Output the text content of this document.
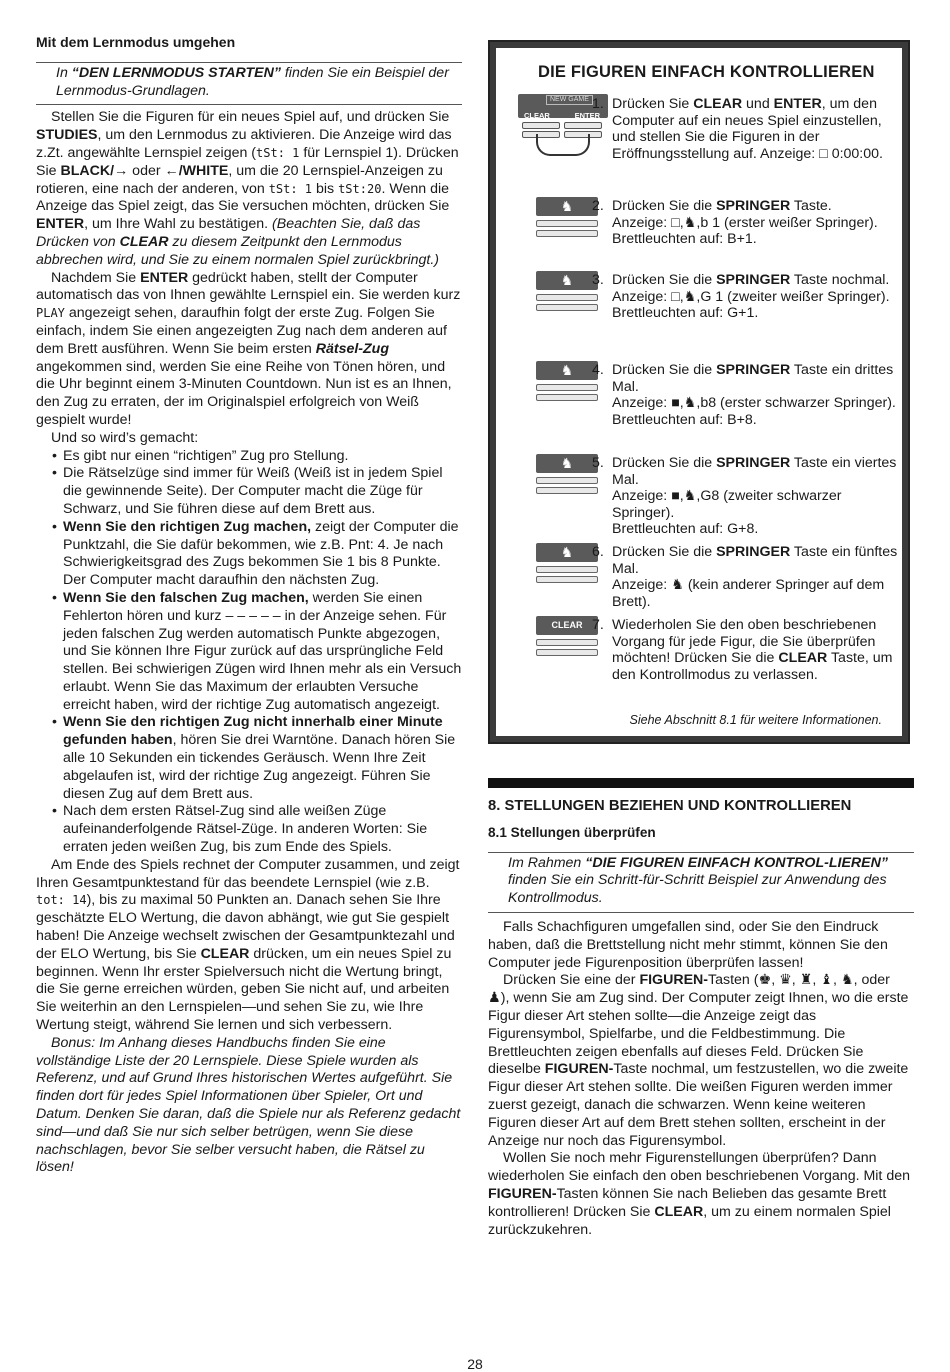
Mit dem Lernmodus umgehen

In “DEN LERNMODUS STARTEN” finden Sie ein Beispiel der Lernmodus-Grundlagen.

Stellen Sie die Figuren für ein neues Spiel auf, und drücken Sie STUDIES, um den Lernmodus zu aktivieren. Die Anzeige wird das z.Zt. angewählte Lernspiel zeigen (tSt: 1 für Lernspiel 1). Drücken Sie BLACK/→ oder ←/WHITE, um die 20 Lernspiel-Anzeigen zu rotieren, eine nach der anderen, von tSt: 1 bis tSt:20. Wenn die Anzeige das Spiel zeigt, das Sie versuchen möchten, drücken Sie ENTER, um Ihre Wahl zu bestätigen. (Beachten Sie, daß das Drücken von CLEAR zu diesem Zeitpunkt den Lernmodus abbrechen wird, und Sie zu einem normalen Spiel zurückbringt.)

Nachdem Sie ENTER gedrückt haben, stellt der Computer automatisch das von Ihnen gewählte Lernspiel ein. Sie werden kurz PLAY angezeigt sehen, daraufhin folgt der erste Zug. Folgen Sie einfach, indem Sie einen angezeigten Zug nach dem anderen auf dem Brett ausführen. Wenn Sie beim ersten Rätsel-Zug angekommen sind, werden Sie eine Reihe von Tönen hören, und die Uhr beginnt einem 3-Minuten Countdown. Nun ist es an Ihnen, den Zug zu erraten, der im Originalspiel erfolgreich von Weiß gespielt wurde!

Und so wird’s gemacht:

• Es gibt nur einen “richtigen” Zug pro Stellung.
• Die Rätselzüge sind immer für Weiß (Weiß ist in jedem Spiel die gewinnende Seite). Der Computer macht die Züge für Schwarz, und Sie führen diese auf dem Brett aus.
• Wenn Sie den richtigen Zug machen, zeigt der Computer die Punktzahl, die Sie dafür bekommen, wie z.B. Pnt: 4. Je nach Schwierigkeitsgrad des Zugs bekommen Sie 1 bis 8 Punkte. Der Computer macht daraufhin den nächsten Zug.
• Wenn Sie den falschen Zug machen, werden Sie einen Fehlerton hören und kurz – – – – – in der Anzeige sehen. Für jeden falschen Zug werden automatisch Punkte abgezogen, und Sie können Ihre Figur zurück auf das ursprüngliche Feld stellen. Bei schwierigen Zügen wird Ihnen mehr als ein Versuch erlaubt. Wenn Sie das Maximum der erlaubten Versuche erreicht haben, wird der richtige Zug automatisch angezeigt.
• Wenn Sie den richtigen Zug nicht innerhalb einer Minute gefunden haben, hören Sie drei Warntöne. Danach hören Sie alle 10 Sekunden ein tickendes Geräusch. Wenn Ihre Zeit abgelaufen ist, wird der richtige Zug angezeigt. Führen Sie diesen Zug auf dem Brett aus.
• Nach dem ersten Rätsel-Zug sind alle weißen Züge aufeinanderfolgende Rätsel-Züge. In anderen Worten: Sie erraten jeden weißen Zug, bis zum Ende des Spiels.

Am Ende des Spiels rechnet der Computer zusammen, und zeigt Ihren Gesamtpunktestand für das beendete Lernspiel (wie z.B. tot: 14), bis zu maximal 50 Punkten an. Danach sehen Sie Ihre geschätzte ELO Wertung, die davon abhängt, wie gut Sie gespielt haben! Die Anzeige wechselt zwischen der Gesamtpunktezahl und der ELO Wertung, bis Sie CLEAR drücken, um ein neues Spiel zu beginnen. Wenn Ihr erster Spielversuch nicht die Wertung bringt, die Sie gerne erreichen würden, geben Sie nicht auf, und arbeiten Sie weiterhin an den Lernspielen—und sehen Sie zu, wie Ihre Wertung steigt, während Sie lernen und sich verbessern.

Bonus: Im Anhang dieses Handbuchs finden Sie eine vollständige Liste der 20 Lernspiele. Diese Spiele wurden als Referenz, und auf Grund Ihres historischen Wertes aufgeführt. Sie finden dort für jedes Spiel Informationen über Spieler, Ort und Datum. Denken Sie daran, daß die Spiele nur als Referenz gedacht sind—und daß Sie nur sich selber betrügen, wenn Sie diese nachschlagen, bevor Sie selber versucht haben, die Rätsel zu lösen!

DIE FIGUREN EINFACH KONTROLLIEREN
NEW GAME
CLEAR	ENTER
1. Drücken Sie CLEAR und ENTER, um den Computer auf ein neues Spiel einzustellen, und stellen Sie die Figuren in der Eröffnungsstellung auf. Anzeige: □ 0:00:00.
♞	2. Drücken Sie die SPRINGER Taste.
Anzeige: □,♞,b 1 (erster weißer Springer).
Brettleuchten auf: B+1.
♞	3. Drücken Sie die SPRINGER Taste nochmal.
Anzeige: □,♞,G 1 (zweiter weißer Springer).
Brettleuchten auf: G+1.
♞	4. Drücken Sie die SPRINGER Taste ein drittes Mal.
Anzeige: ■,♞,b8 (erster schwarzer Springer).
Brettleuchten auf: B+8.
♞	5. Drücken Sie die SPRINGER Taste ein viertes Mal.
Anzeige: ■,♞,G8 (zweiter schwarzer Springer).
Brettleuchten auf: G+8.
♞	6. Drücken Sie die SPRINGER Taste ein fünftes Mal.
Anzeige: ♞ (kein anderer Springer auf dem Brett).
CLEAR 7. Wiederholen Sie den oben beschriebenen Vorgang für jede Figur, die Sie überprüfen möchten! Drücken Sie die CLEAR Taste, um den Kontrollmodus zu verlassen.
Siehe Abschnitt 8.1 für weitere Informationen.
8. STELLUNGEN BEZIEHEN UND KONTROLLIEREN
8.1 Stellungen überprüfen

Im Rahmen “DIE FIGUREN EINFACH KONTROL-LIEREN” finden Sie ein Schritt-für-Schritt Beispiel zur Anwendung des Kontrollmodus.

Falls Schachfiguren umgefallen sind, oder Sie den Eindruck haben, daß die Brettstellung nicht mehr stimmt, können Sie den Computer jede Figurenposition überprüfen lassen!

Drücken Sie eine der FIGUREN-Tasten (♚, ♛, ♜, ♝, ♞, oder ♟), wenn Sie am Zug sind. Der Computer zeigt Ihnen, wo die erste Figur dieser Art stehen sollte—die Anzeige zeigt das Figurensymbol, Spielfarbe, und die Feldbestimmung. Die Brettleuchten zeigen ebenfalls auf dieses Feld. Drücken Sie dieselbe FIGUREN-Taste nochmal, um festzustellen, wo die zweite Figur dieser Art stehen sollte. Die weißen Figuren werden immer zuerst gezeigt, danach die schwarzen. Wenn keine weiteren Figuren dieser Art auf dem Brett stehen sollten, erscheint in der Anzeige nur noch das Figurensymbol.

Wollen Sie noch mehr Figurenstellungen überprüfen? Dann wiederholen Sie einfach den oben beschriebenen Vorgang. Mit den FIGUREN-Tasten können Sie nach Belieben das gesamte Brett kontrollieren! Drücken Sie CLEAR, um zu einem normalen Spiel zurückzukehren.

28
